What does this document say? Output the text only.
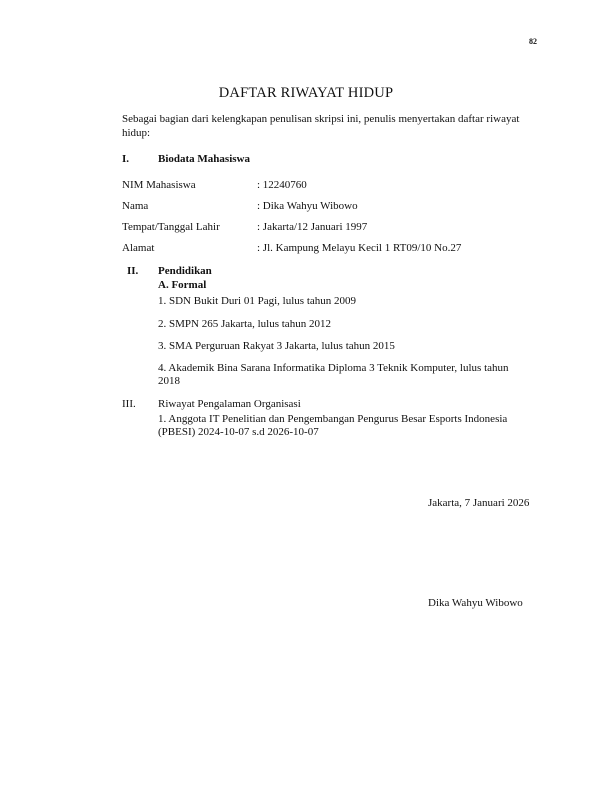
82
DAFTAR RIWAYAT HIDUP
Sebagai bagian dari kelengkapan penulisan skripsi ini, penulis menyertakan daftar riwayat hidup:
I.	Biodata Mahasiswa
NIM Mahasiswa	: 12240760
Nama	: Dika Wahyu Wibowo
Tempat/Tanggal Lahir	: Jakarta/12 Januari 1997
Alamat	: Jl. Kampung Melayu Kecil 1 RT09/10 No.27
II. Pendidikan
A. Formal
1. SDN Bukit Duri 01 Pagi, lulus tahun 2009
2. SMPN 265 Jakarta, lulus tahun 2012
3. SMA Perguruan Rakyat 3 Jakarta, lulus tahun 2015
4. Akademik Bina Sarana Informatika Diploma 3 Teknik Komputer, lulus tahun 2018
III. Riwayat Pengalaman Organisasi
1. Anggota IT Penelitian dan Pengembangan Pengurus Besar Esports Indonesia (PBESI) 2024-10-07 s.d 2026-10-07
Jakarta, 7 Januari 2026
Dika Wahyu Wibowo
